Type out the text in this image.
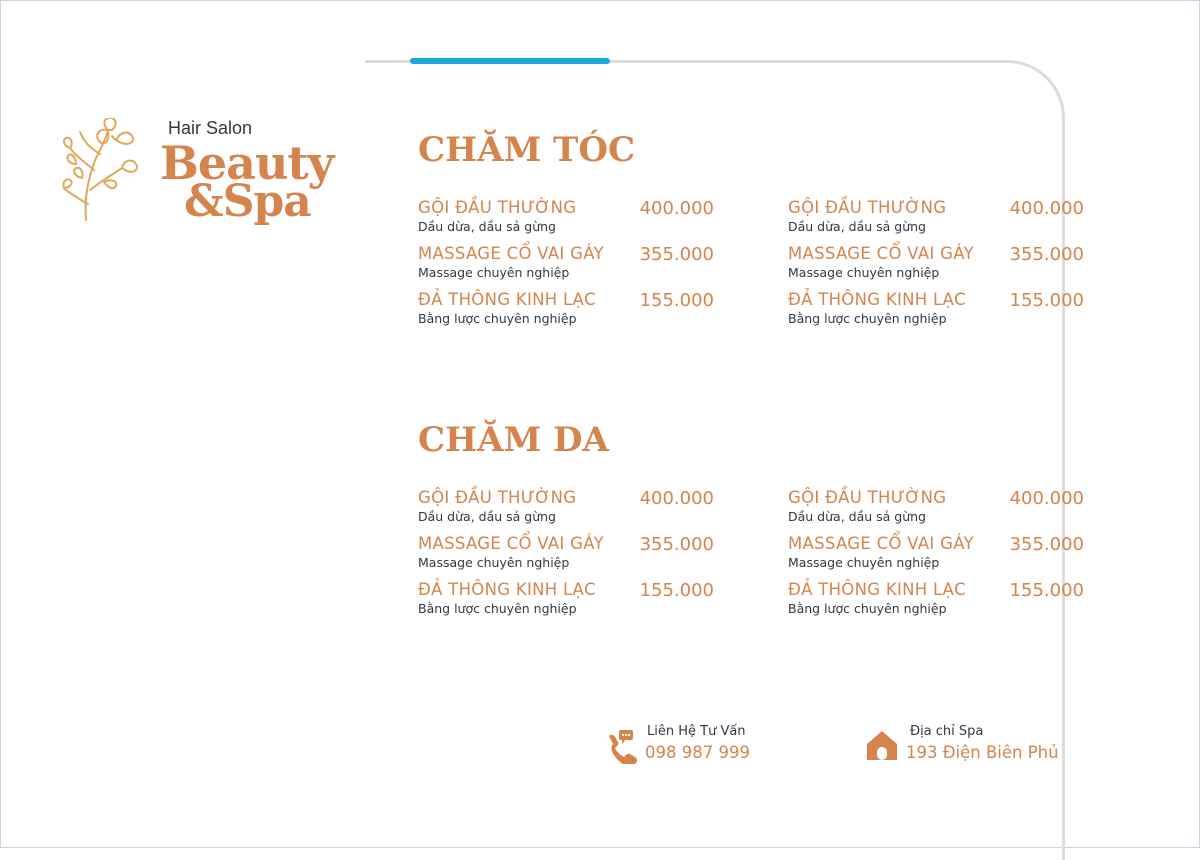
Hair Salon
Beauty
&Spa
CHĂM TÓC
GỘI ĐẦU THƯỜNG	400.000
Dầu dừa, dầu sả gừng
MASSAGE CỔ VAI GÁY 355.000
Massage chuyên nghiệp
ĐẢ THÔNG KINH LẠC 155.000
Bằng lược chuyên nghiệp
GỘI ĐẦU THƯỜNG	400.000
Dầu dừa, dầu sả gừng
MASSAGE CỔ VAI GÁY 355.000
Massage chuyên nghiệp
ĐẢ THÔNG KINH LẠC 155.000
Bằng lược chuyên nghiệp
CHĂM DA
GỘI ĐẦU THƯỜNG	400.000
Dầu dừa, dầu sả gừng
MASSAGE CỔ VAI GÁY 355.000
Massage chuyên nghiệp
ĐẢ THÔNG KINH LẠC 155.000
Bằng lược chuyên nghiệp
GỘI ĐẦU THƯỜNG	400.000
Dầu dừa, dầu sả gừng
MASSAGE CỔ VAI GÁY 355.000
Massage chuyên nghiệp
ĐẢ THÔNG KINH LẠC 155.000
Bằng lược chuyên nghiệp
Liên Hệ Tư Vấn
098 987 999
Địa chỉ Spa
193 Điện Biên Phủ
